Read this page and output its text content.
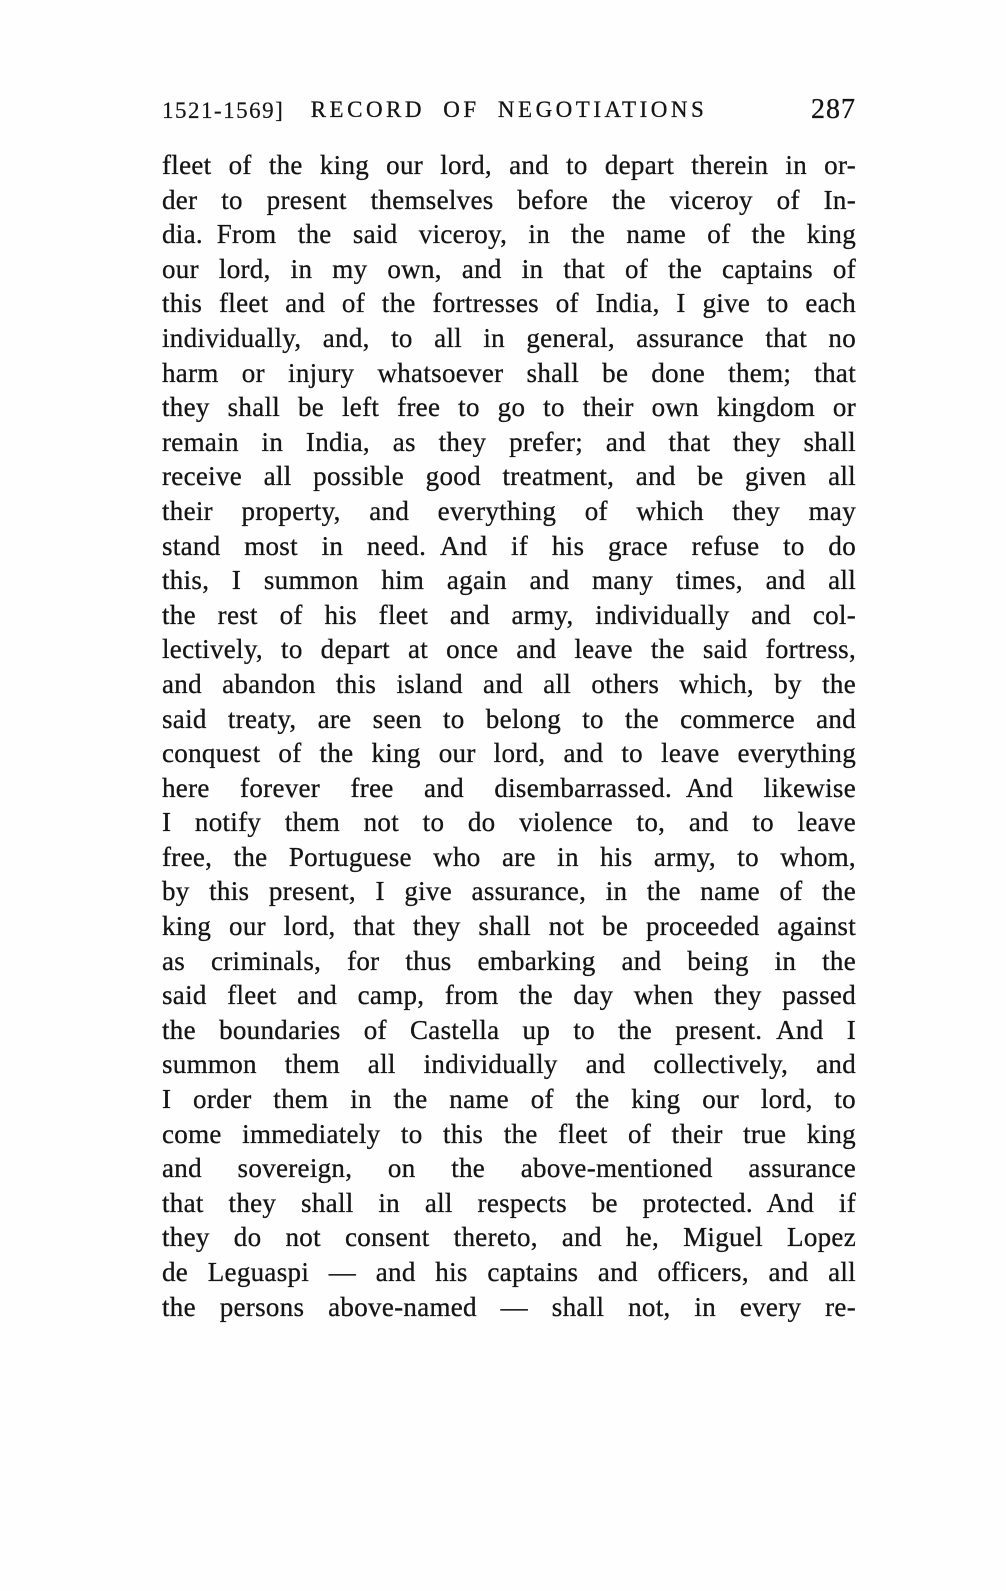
1521-1569] RECORD OF NEGOTIATIONS	287
fleet of the king our lord, and to depart therein in or-
der to present themselves before the viceroy of In-
dia. From the said viceroy, in the name of the king
our lord, in my own, and in that of the captains of
this fleet and of the fortresses of India, I give to each
individually, and, to all in general, assurance that no
harm or injury whatsoever shall be done them; that
they shall be left free to go to their own kingdom or
remain in India, as they prefer; and that they shall
receive all possible good treatment, and be given all
their property, and everything of which they may
stand most in need. And if his grace refuse to do
this, I summon him again and many times, and all
the rest of his fleet and army, individually and col-
lectively, to depart at once and leave the said fortress,
and abandon this island and all others which, by the
said treaty, are seen to belong to the commerce and
conquest of the king our lord, and to leave everything
here forever free and disembarrassed. And likewise
I notify them not to do violence to, and to leave
free, the Portuguese who are in his army, to whom,
by this present, I give assurance, in the name of the
king our lord, that they shall not be proceeded against
as criminals, for thus embarking and being in the
said fleet and camp, from the day when they passed
the boundaries of Castella up to the present. And I
summon them all individually and collectively, and
I order them in the name of the king our lord, to
come immediately to this the fleet of their true king
and sovereign, on the above-mentioned assurance
that they shall in all respects be protected. And if
they do not consent thereto, and he, Miguel Lopez
de Leguaspi — and his captains and officers, and all
the persons above-named — shall not, in every re-
